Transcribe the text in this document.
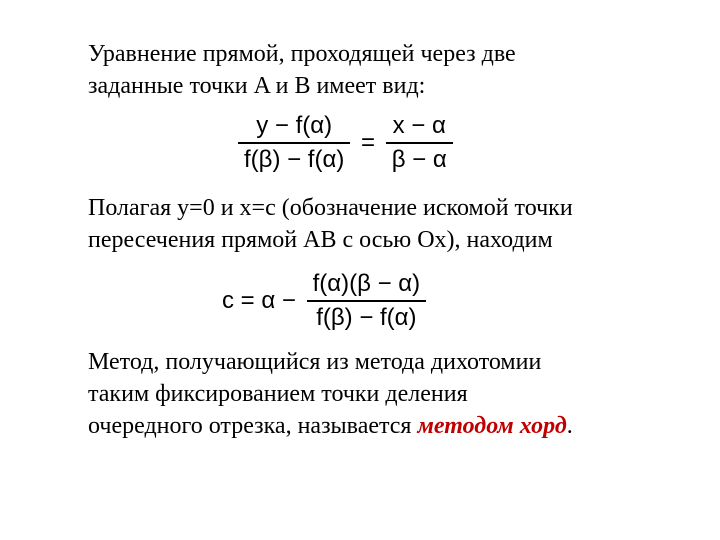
Уравнение прямой, проходящей через две
заданные точки A и B имеет вид:

$\frac{y - f(\alpha)}{f(\beta) - f(\alpha)} = \frac{x - \alpha}{\beta - \alpha}$

Полагая y=0 и x=c (обозначение искомой точки
пересечения прямой AB с осью Ox), находим

$c = \alpha - \frac{f(\alpha)(\beta - \alpha)}{f(\beta) - f(\alpha)}$

Метод, получающийся из метода дихотомии
таким фиксированием точки деления
очередного отрезка, называется методом хорд.
